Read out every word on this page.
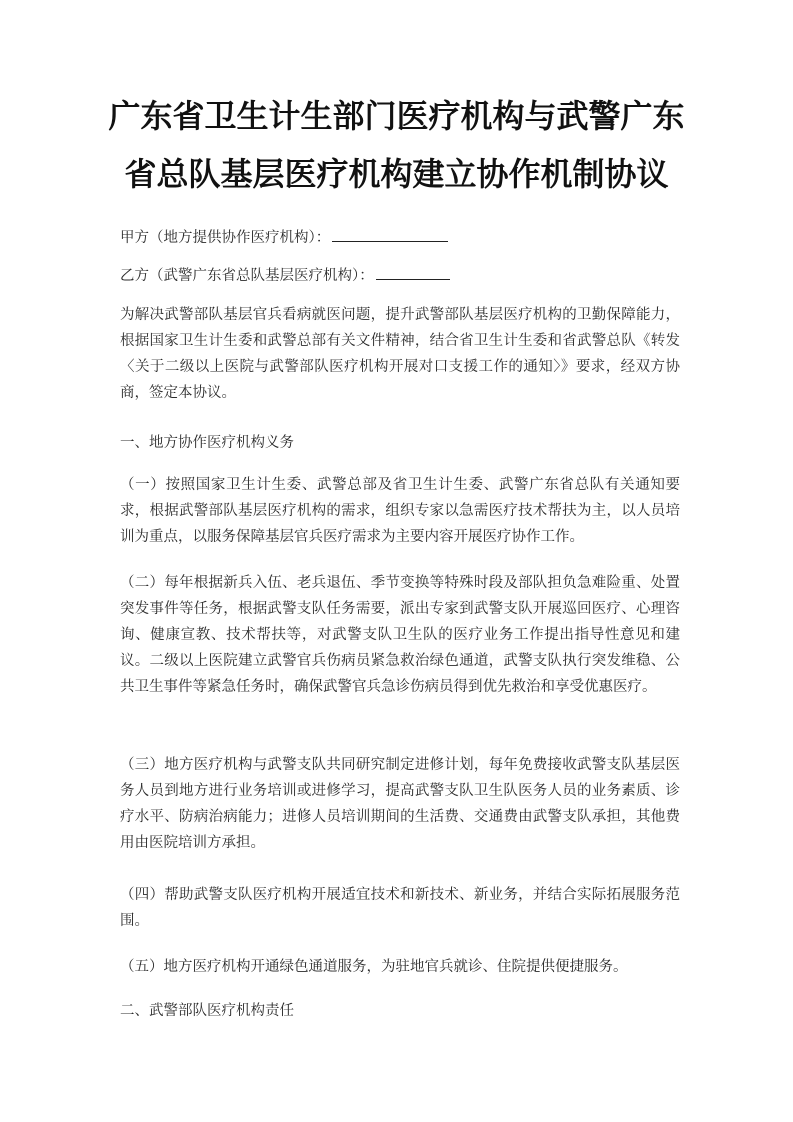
广东省卫生计生部门医疗机构与武警广东
省总队基层医疗机构建立协作机制协议
甲方（地方提供协作医疗机构）：
乙方（武警广东省总队基层医疗机构）：

为解决武警部队基层官兵看病就医问题，提升武警部队基层医疗机构的卫勤保障能力，根据国家卫生计生委和武警总部有关文件精神，结合省卫生计生委和省武警总队《转发〈关于二级以上医院与武警部队医疗机构开展对口支援工作的通知〉》要求，经双方协商，签定本协议。

一、地方协作医疗机构义务

（一）按照国家卫生计生委、武警总部及省卫生计生委、武警广东省总队有关通知要求，根据武警部队基层医疗机构的需求，组织专家以急需医疗技术帮扶为主，以人员培训为重点，以服务保障基层官兵医疗需求为主要内容开展医疗协作工作。

（二）每年根据新兵入伍、老兵退伍、季节变换等特殊时段及部队担负急难险重、处置突发事件等任务，根据武警支队任务需要，派出专家到武警支队开展巡回医疗、心理咨询、健康宣教、技术帮扶等，对武警支队卫生队的医疗业务工作提出指导性意见和建议。二级以上医院建立武警官兵伤病员紧急救治绿色通道，武警支队执行突发维稳、公共卫生事件等紧急任务时，确保武警官兵急诊伤病员得到优先救治和享受优惠医疗。

（三）地方医疗机构与武警支队共同研究制定进修计划，每年免费接收武警支队基层医务人员到地方进行业务培训或进修学习，提高武警支队卫生队医务人员的业务素质、诊疗水平、防病治病能力；进修人员培训期间的生活费、交通费由武警支队承担，其他费用由医院培训方承担。

（四）帮助武警支队医疗机构开展适宜技术和新技术、新业务，并结合实际拓展服务范围。

（五）地方医疗机构开通绿色通道服务，为驻地官兵就诊、住院提供便捷服务。

二、武警部队医疗机构责任
